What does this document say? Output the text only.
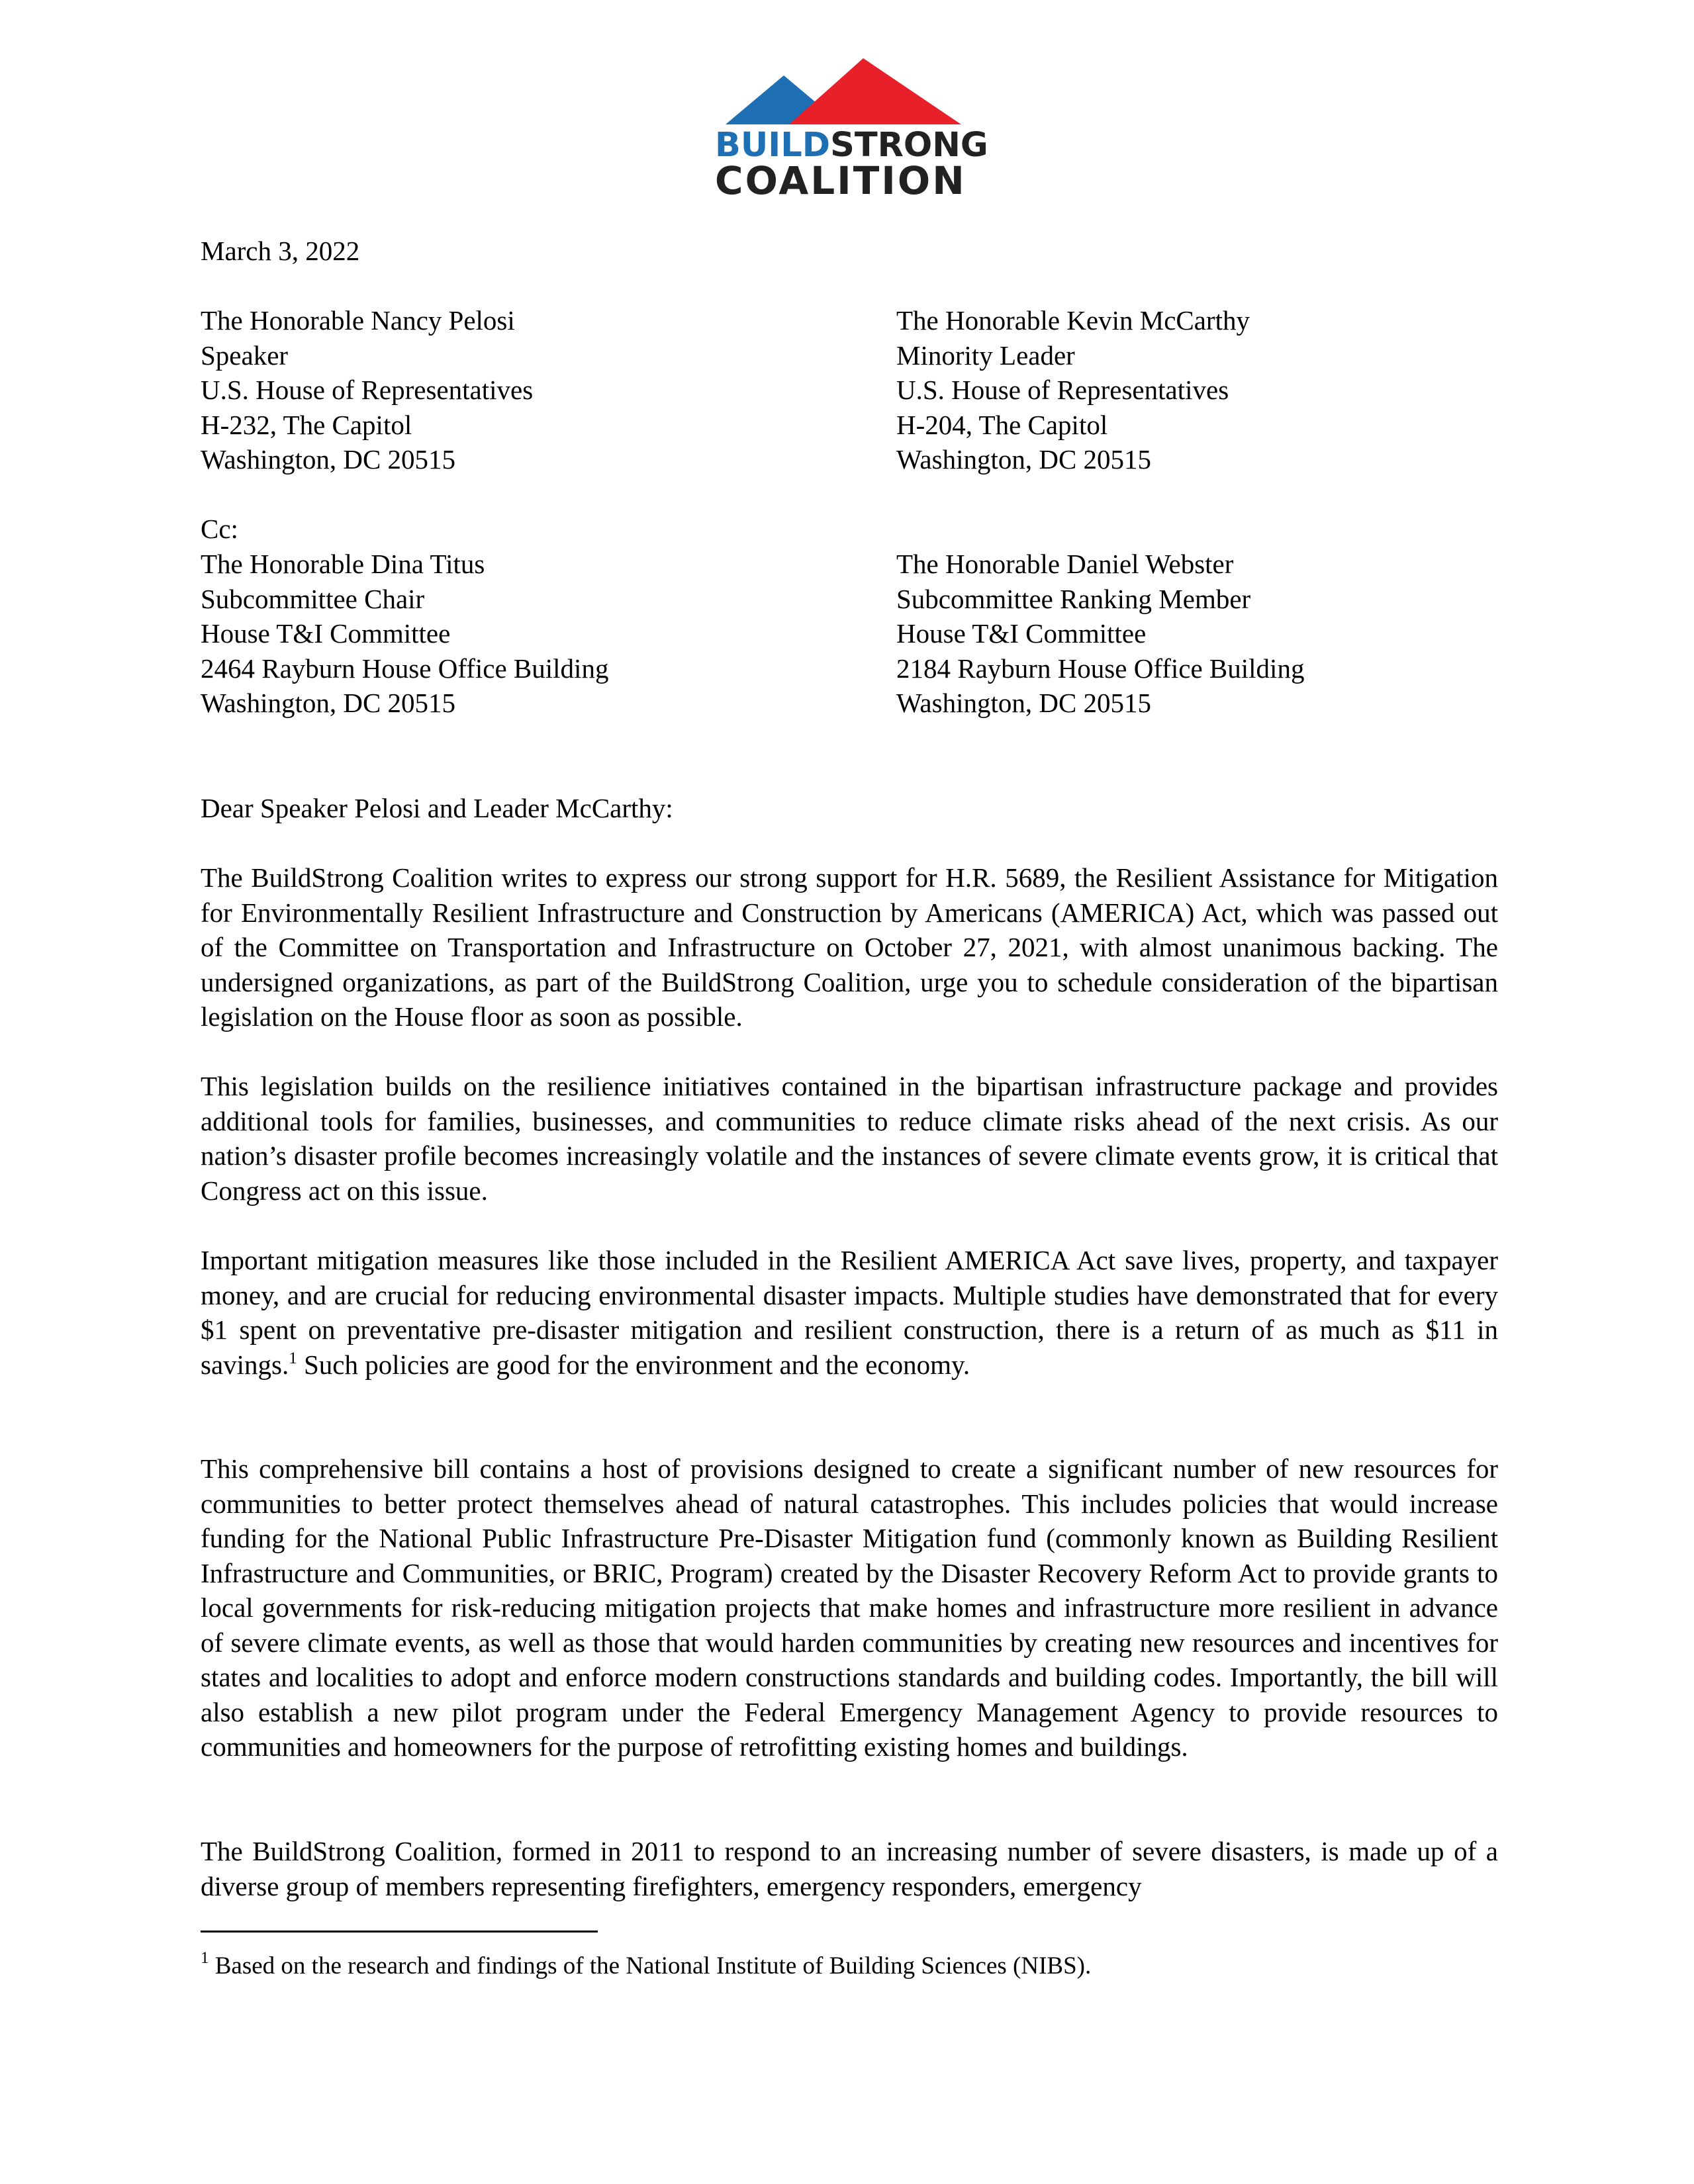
BUILDSTRONG
COALITION
March 3, 2022
The Honorable Nancy Pelosi
Speaker
U.S. House of Representatives
H-232, The Capitol
Washington, DC 20515
The Honorable Kevin McCarthy
Minority Leader
U.S. House of Representatives
H-204, The Capitol
Washington, DC 20515
Cc:
The Honorable Dina Titus
Subcommittee Chair
House T&I Committee
2464 Rayburn House Office Building
Washington, DC 20515
The Honorable Daniel Webster
Subcommittee Ranking Member
House T&I Committee
2184 Rayburn House Office Building
Washington, DC 20515
Dear Speaker Pelosi and Leader McCarthy:
The BuildStrong Coalition writes to express our strong support for H.R. 5689, the Resilient Assistance for Mitigation for Environmentally Resilient Infrastructure and Construction by Americans (AMERICA) Act, which was passed out of the Committee on Transportation and Infrastructure on October 27, 2021, with almost unanimous backing. The undersigned organizations, as part of the BuildStrong Coalition, urge you to schedule consideration of the bipartisan legislation on the House floor as soon as possible.
This legislation builds on the resilience initiatives contained in the bipartisan infrastructure package and provides additional tools for families, businesses, and communities to reduce climate risks ahead of the next crisis. As our nation’s disaster profile becomes increasingly volatile and the instances of severe climate events grow, it is critical that Congress act on this issue.
Important mitigation measures like those included in the Resilient AMERICA Act save lives, property, and taxpayer money, and are crucial for reducing environmental disaster impacts. Multiple studies have demonstrated that for every $1 spent on preventative pre-disaster mitigation and resilient construction, there is a return of as much as $11 in savings.$^1$ Such policies are good for the environment and the economy.
This comprehensive bill contains a host of provisions designed to create a significant number of new resources for communities to better protect themselves ahead of natural catastrophes. This includes policies that would increase funding for the National Public Infrastructure Pre-Disaster Mitigation fund (commonly known as Building Resilient Infrastructure and Communities, or BRIC, Program) created by the Disaster Recovery Reform Act to provide grants to local governments for risk-reducing mitigation projects that make homes and infrastructure more resilient in advance of severe climate events, as well as those that would harden communities by creating new resources and incentives for states and localities to adopt and enforce modern constructions standards and building codes. Importantly, the bill will also establish a new pilot program under the Federal Emergency Management Agency to provide resources to communities and homeowners for the purpose of retrofitting existing homes and buildings.
The BuildStrong Coalition, formed in 2011 to respond to an increasing number of severe disasters, is made up of a diverse group of members representing firefighters, emergency responders, emergency
$^1$ Based on the research and findings of the National Institute of Building Sciences (NIBS).
